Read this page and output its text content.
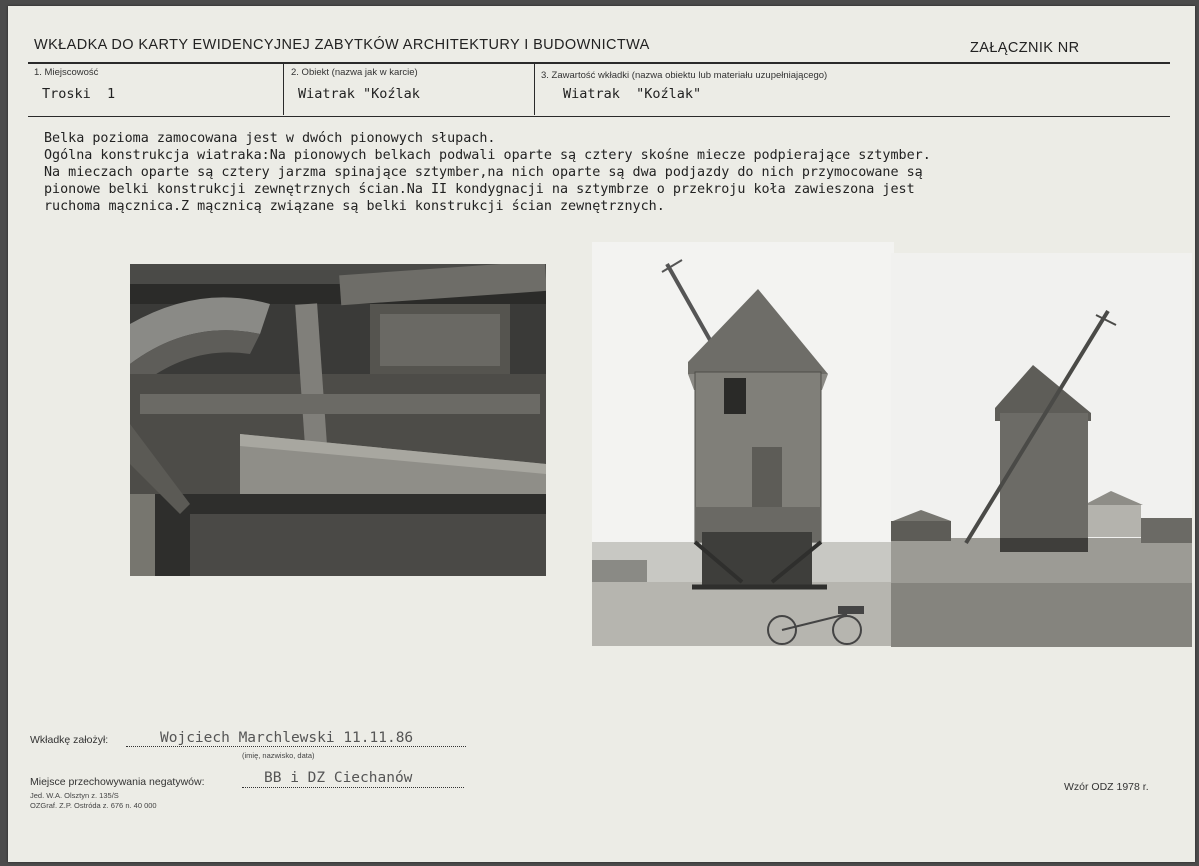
WKŁADKA DO KARTY EWIDENCYJNEJ ZABYTKÓW ARCHITEKTURY I BUDOWNICTWA	ZAŁĄCZNIK NR
1. Miejscowość
Troski  1
2. Obiekt (nazwa jak w karcie)
Wiatrak "Koźlak
3. Zawartość wkładki (nazwa obiektu lub materiału uzupełniającego)
Wiatrak  "Koźlak"
Belka pozioma zamocowana jest w dwóch pionowych słupach.
Ogólna konstrukcja wiatraka:Na pionowych belkach podwali oparte są cztery skośne miecze podpierające sztymber.
Na mieczach oparte są cztery jarzma spinające sztymber,na nich oparte są dwa podjazdy do nich przymocowane są
pionowe belki konstrukcji zewnętrznych ścian.Na II kondygnacji na sztymbrze o przekroju koła zawieszona jest
ruchoma mącznica.Z mącznicą związane są belki konstrukcji ścian zewnętrznych.
Wkładkę założył:	Wojciech Marchlewski 11.11.86
(imię, nazwisko, data)
Miejsce przechowywania negatywów:	BB i DZ Ciechanów
Jed. W.A. Olsztyn z. 135/S
OZGraf. Z.P. Ostróda z. 676 n. 40 000
Wzór ODZ 1978 r.
